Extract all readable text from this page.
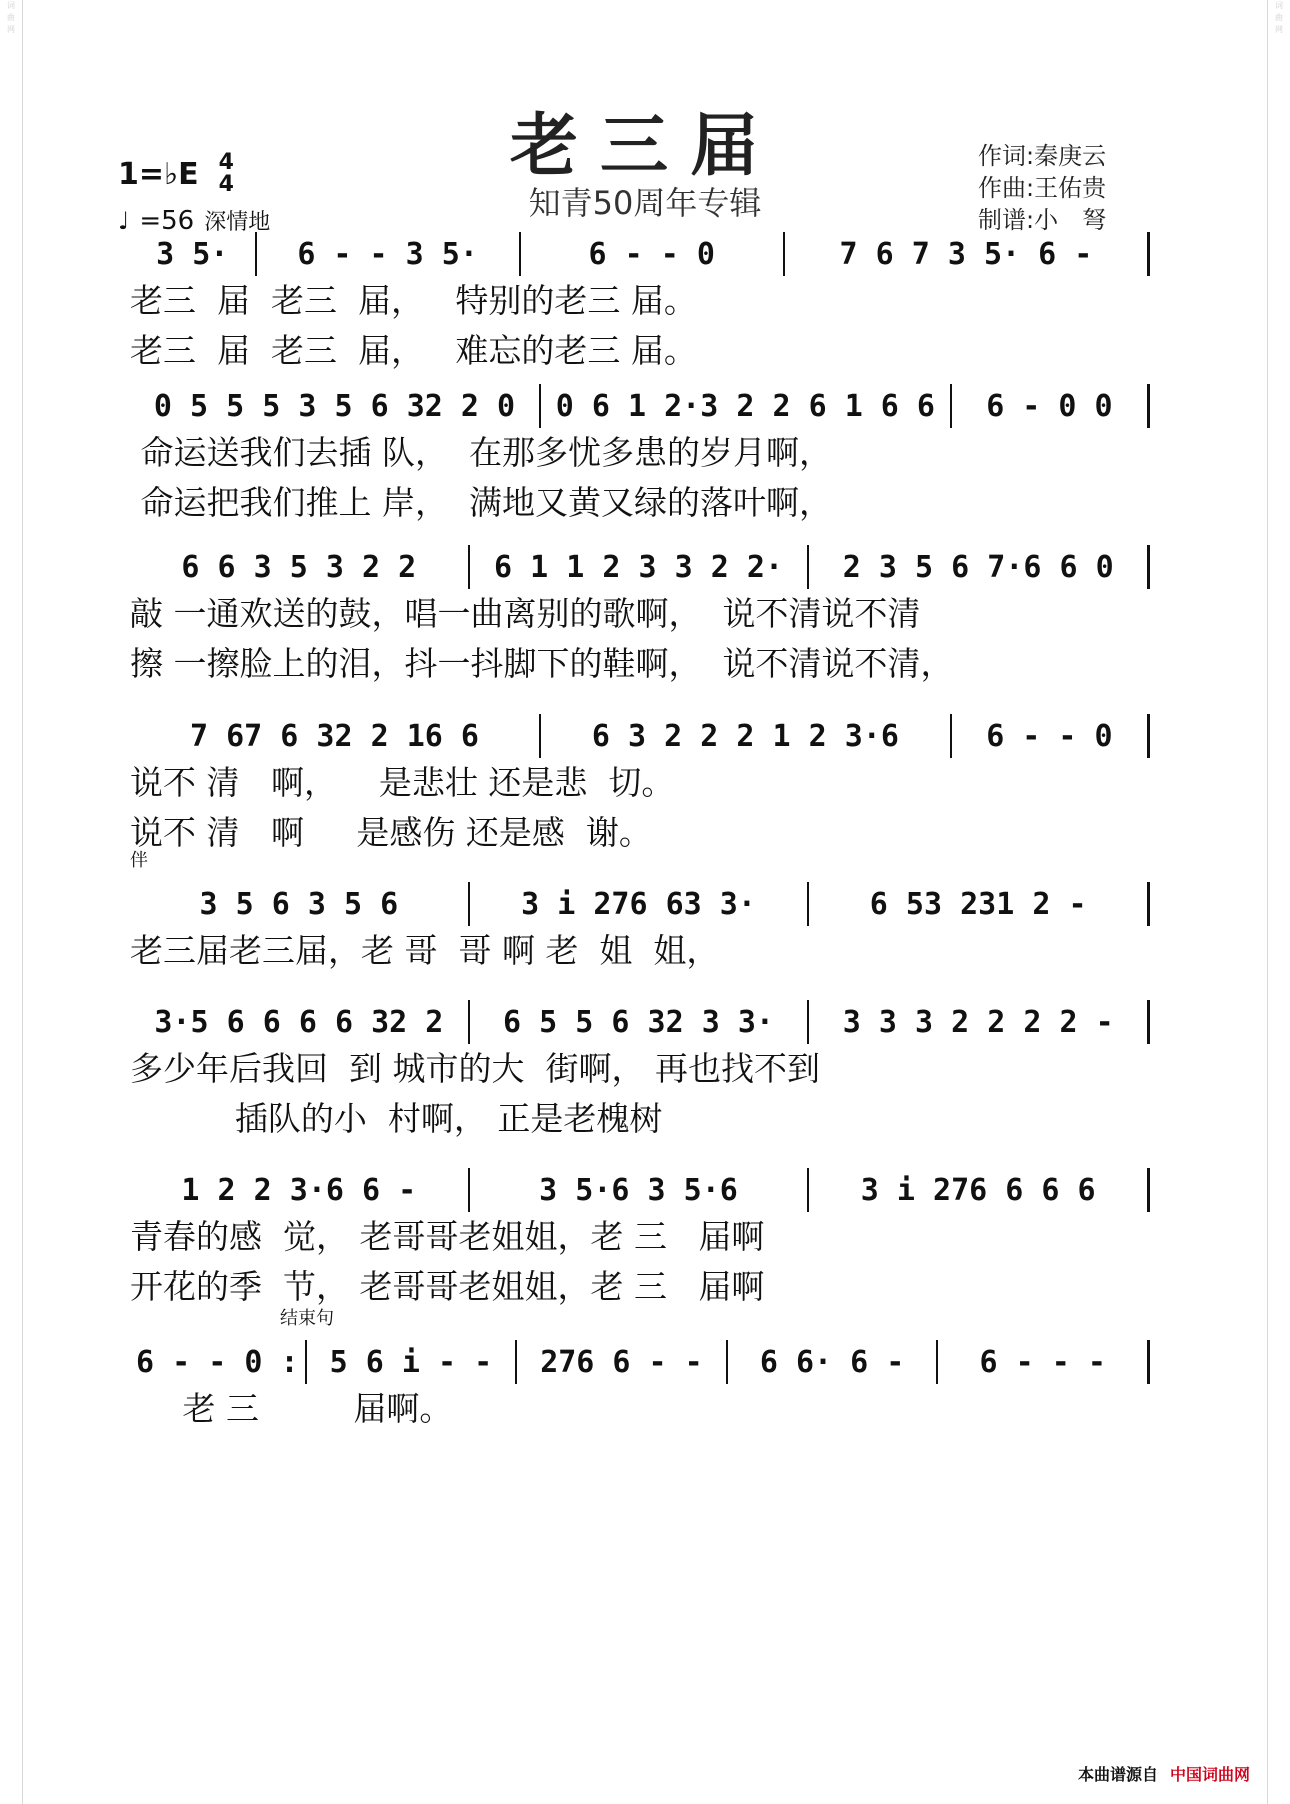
词
曲
网
词
曲
网
老三届
知青50周年专辑
1=♭E 4
4
♩ =56 深情地
作词:秦庚云
作曲:王佑贵
制谱:小　弩
3 5· 6 - - 3 5·	6 - - 0	7 6 7 3 5· 6 -
老三  届  老三  届，   特别的老三 届。
老三  届  老三  届，   难忘的老三 届。
0 5 5 5 3 5 6 32 2 0 0 6 1 2·3 2 2 6 1 6 6 6 - 0 0
命运送我们去插 队，  在那多忧多患的岁月啊，
命运把我们推上 岸，  满地又黄又绿的落叶啊，
6 6 3 5 3 2 2	6 1 1 2 3 3 2 2· 2 3 5 6 7·6 6 0
敲 一通欢送的鼓，唱一曲离别的歌啊，  说不清说不清
擦 一擦脸上的泪，抖一抖脚下的鞋啊，  说不清说不清，
7 67 6 32 2 16 6	6 3 2 2 2 1 2 3·6	6 - - 0
说不 清   啊，    是悲壮 还是悲  切。
说不 清   啊     是感伤 还是感  谢。
伴
3 5 6 3 5 6	3 i 276 63 3·	6 53 231 2 -
老三届老三届，老 哥  哥 啊 老  姐  姐，
3·5 6 6 6 6 32 2 6 5 5 6 32 3 3· 3 3 3 2 2 2 2 -
多少年后我回  到 城市的大  街啊， 再也找不到
插队的小  村啊， 正是老槐树
1 2 2 3·6 6 -	3 5·6 3 5·6	3 i 276 6 6 6
青春的感  觉， 老哥哥老姐姐，老 三   届啊
开花的季  节， 老哥哥老姐姐，老 三   届啊
结束句
6 - - 0 : 5 6 i - - 276 6 - - 6 6· 6 -	6 - - -
老 三         届啊。
本曲谱源自 中国词曲网
